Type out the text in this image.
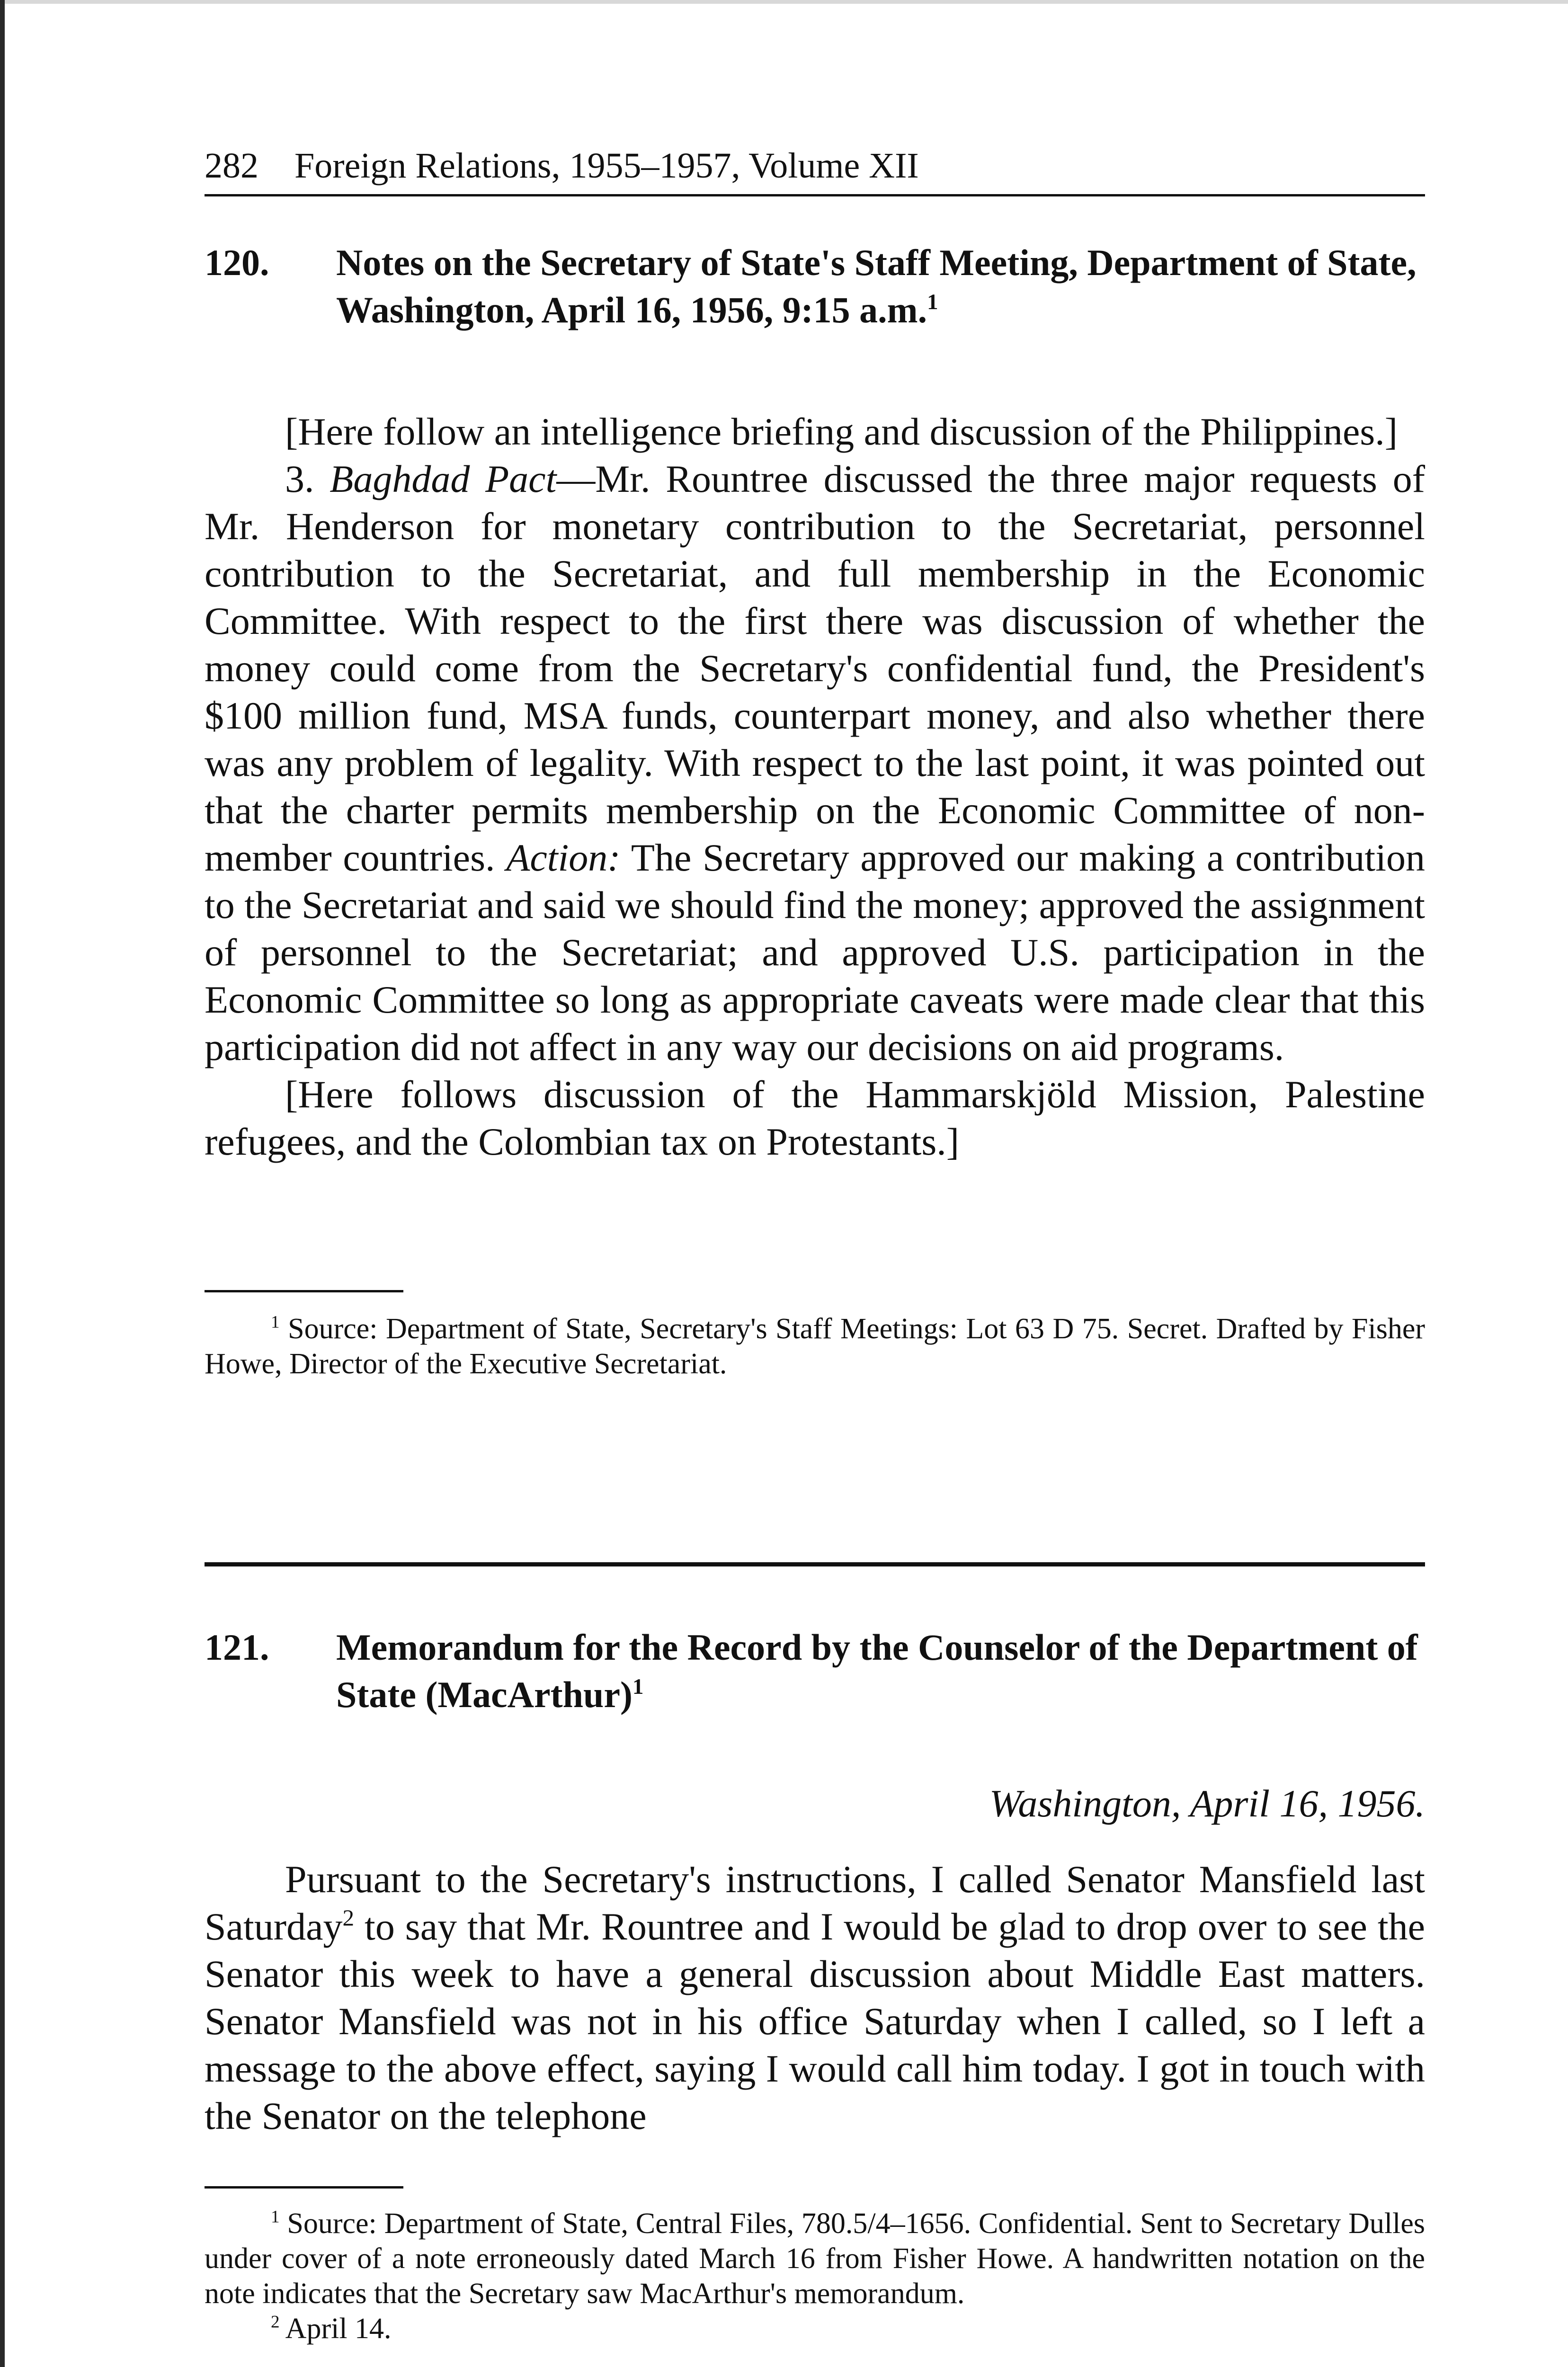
282    Foreign Relations, 1955–1957, Volume XII
120. Notes on the Secretary of State's Staff Meeting, Department of State, Washington, April 16, 1956, 9:15 a.m.$^1$

[Here follow an intelligence briefing and discussion of the Philippines.]

3. Baghdad Pact—Mr. Rountree discussed the three major requests of Mr. Henderson for monetary contribution to the Secretariat, personnel contribution to the Secretariat, and full membership in the Economic Committee. With respect to the first there was discussion of whether the money could come from the Secretary's confidential fund, the President's $100 million fund, MSA funds, counterpart money, and also whether there was any problem of legality. With respect to the last point, it was pointed out that the charter permits membership on the Economic Committee of non-member countries. Action: The Secretary approved our making a contribution to the Secretariat and said we should find the money; approved the assignment of personnel to the Secretariat; and approved U.S. participation in the Economic Committee so long as appropriate caveats were made clear that this participation did not affect in any way our decisions on aid programs.

[Here follows discussion of the Hammarskjöld Mission, Palestine refugees, and the Colombian tax on Protestants.]

$^1$ Source: Department of State, Secretary's Staff Meetings: Lot 63 D 75. Secret. Drafted by Fisher Howe, Director of the Executive Secretariat.

121. Memorandum for the Record by the Counselor of the Department of State (MacArthur)$^1$
Washington, April 16, 1956.

Pursuant to the Secretary's instructions, I called Senator Mansfield last Saturday$^2$ to say that Mr. Rountree and I would be glad to drop over to see the Senator this week to have a general discussion about Middle East matters. Senator Mansfield was not in his office Saturday when I called, so I left a message to the above effect, saying I would call him today. I got in touch with the Senator on the telephone

$^1$ Source: Department of State, Central Files, 780.5/4–1656. Confidential. Sent to Secretary Dulles under cover of a note erroneously dated March 16 from Fisher Howe. A handwritten notation on the note indicates that the Secretary saw MacArthur's memorandum.

$^2$ April 14.
